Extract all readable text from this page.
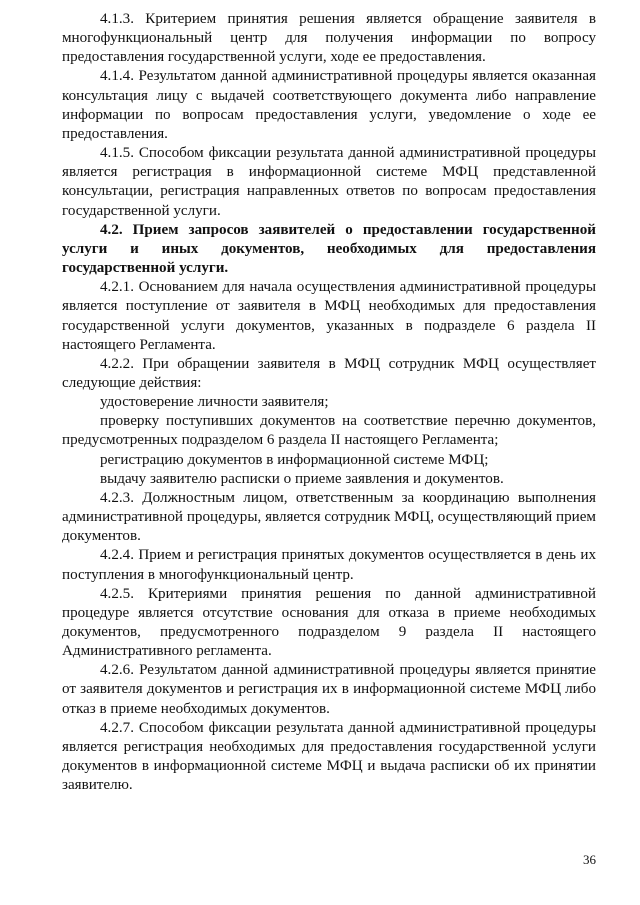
4.1.3. Критерием принятия решения является обращение заявителя в многофункциональный центр для получения информации по вопросу предоставления государственной услуги, ходе ее предоставления.

4.1.4. Результатом данной административной процедуры является оказанная консультация лицу с выдачей соответствующего документа либо направление информации по вопросам предоставления услуги, уведомление о ходе ее предоставления.

4.1.5. Способом фиксации результата данной административной процедуры является регистрация в информационной системе МФЦ представленной консультации, регистрация направленных ответов по вопросам предоставления государственной услуги.

4.2. Прием запросов заявителей о предоставлении государственной услуги и иных документов, необходимых для предоставления государственной услуги.

4.2.1. Основанием для начала осуществления административной процедуры является поступление от заявителя в МФЦ необходимых для предоставления государственной услуги документов, указанных в подразделе 6 раздела II настоящего Регламента.

4.2.2. При обращении заявителя в МФЦ сотрудник МФЦ осуществляет следующие действия:

удостоверение личности заявителя;

проверку поступивших документов на соответствие перечню документов, предусмотренных подразделом 6 раздела II настоящего Регламента;

регистрацию документов в информационной системе МФЦ;

выдачу заявителю расписки о приеме заявления и документов.

4.2.3. Должностным лицом, ответственным за координацию выполнения административной процедуры, является сотрудник МФЦ, осуществляющий прием документов.

4.2.4. Прием и регистрация принятых документов осуществляется в день их поступления в многофункциональный центр.

4.2.5. Критериями принятия решения по данной административной процедуре является отсутствие основания для отказа в приеме необходимых документов, предусмотренного подразделом 9 раздела II настоящего Административного регламента.

4.2.6. Результатом данной административной процедуры является принятие от заявителя документов и регистрация их в информационной системе МФЦ либо отказ в приеме необходимых документов.

4.2.7. Способом фиксации результата данной административной процедуры является регистрация необходимых для предоставления государственной услуги документов в информационной системе МФЦ и выдача расписки об их принятии заявителю.

36
